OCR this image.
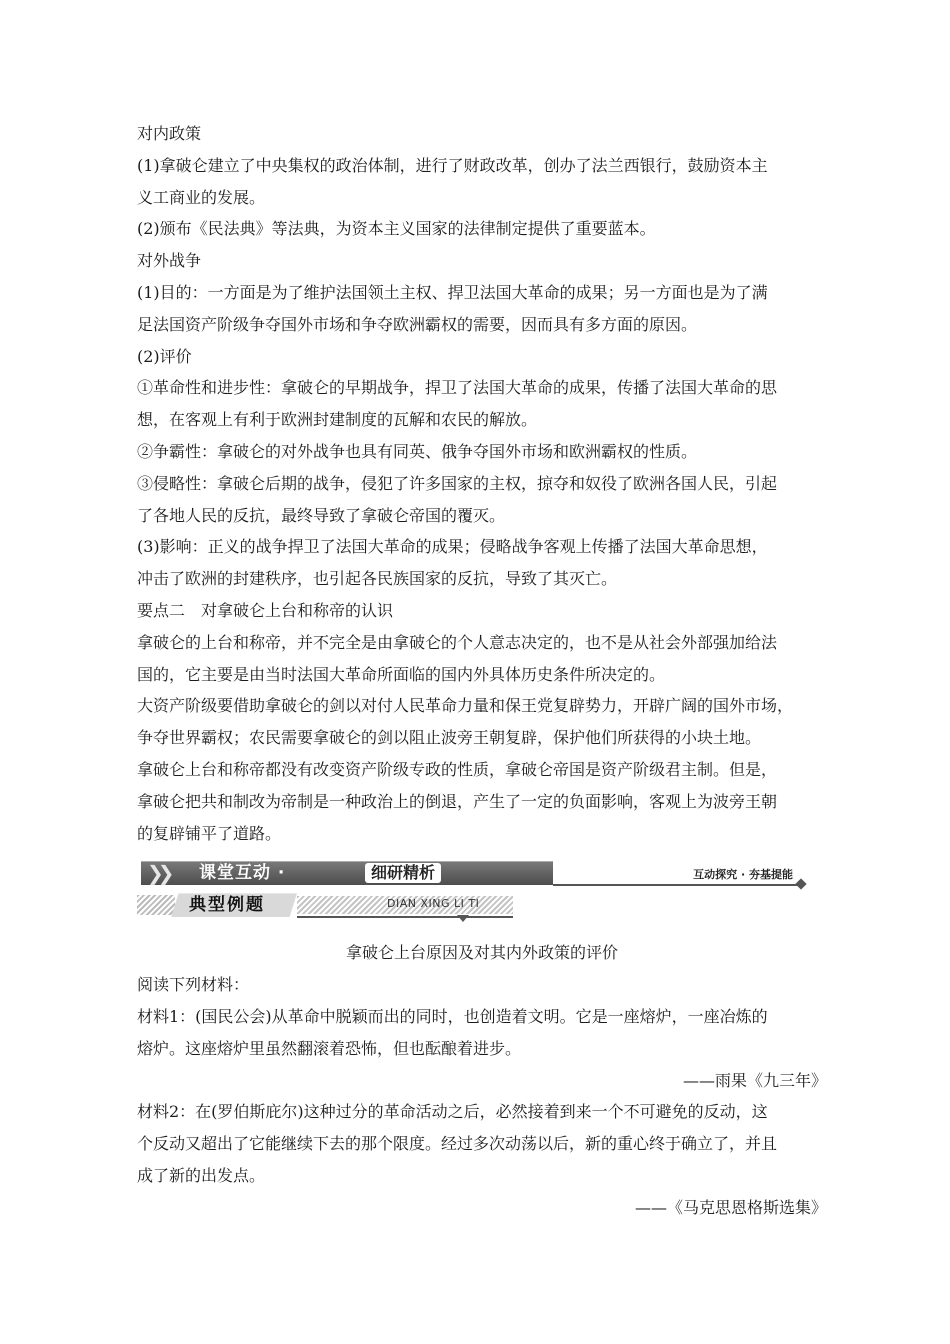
对内政策

(1)拿破仑建立了中央集权的政治体制，进行了财政改革，创办了法兰西银行，鼓励资本主

义工商业的发展。

(2)颁布《民法典》等法典，为资本主义国家的法律制定提供了重要蓝本。

对外战争

(1)目的：一方面是为了维护法国领土主权、捍卫法国大革命的成果；另一方面也是为了满

足法国资产阶级争夺国外市场和争夺欧洲霸权的需要，因而具有多方面的原因。

(2)评价

①革命性和进步性：拿破仑的早期战争，捍卫了法国大革命的成果，传播了法国大革命的思

想，在客观上有利于欧洲封建制度的瓦解和农民的解放。

②争霸性：拿破仑的对外战争也具有同英、俄争夺国外市场和欧洲霸权的性质。

③侵略性：拿破仑后期的战争，侵犯了许多国家的主权，掠夺和奴役了欧洲各国人民，引起

了各地人民的反抗，最终导致了拿破仑帝国的覆灭。

(3)影响：正义的战争捍卫了法国大革命的成果；侵略战争客观上传播了法国大革命思想，

冲击了欧洲的封建秩序，也引起各民族国家的反抗，导致了其灭亡。

要点二　对拿破仑上台和称帝的认识

拿破仑的上台和称帝，并不完全是由拿破仑的个人意志决定的，也不是从社会外部强加给法

国的，它主要是由当时法国大革命所面临的国内外具体历史条件所决定的。

大资产阶级要借助拿破仑的剑以对付人民革命力量和保王党复辟势力，开辟广阔的国外市场，

争夺世界霸权；农民需要拿破仑的剑以阻止波旁王朝复辟，保护他们所获得的小块土地。

拿破仑上台和称帝都没有改变资产阶级专政的性质，拿破仑帝国是资产阶级君主制。但是，

拿破仑把共和制改为帝制是一种政治上的倒退，产生了一定的负面影响，客观上为波旁王朝

的复辟铺平了道路。

❯❯ 课堂互动 ·	细研精析	互动探究 · 夯基提能
典型例题	DIAN XING LI TI

拿破仑上台原因及对其内外政策的评价

阅读下列材料：

材料1：(国民公会)从革命中脱颖而出的同时，也创造着文明。它是一座熔炉，一座冶炼的

熔炉。这座熔炉里虽然翻滚着恐怖，但也酝酿着进步。

——雨果《九三年》

材料2：在(罗伯斯庇尔)这种过分的革命活动之后，必然接着到来一个不可避免的反动，这

个反动又超出了它能继续下去的那个限度。经过多次动荡以后，新的重心终于确立了，并且

成了新的出发点。

——《马克思恩格斯选集》
